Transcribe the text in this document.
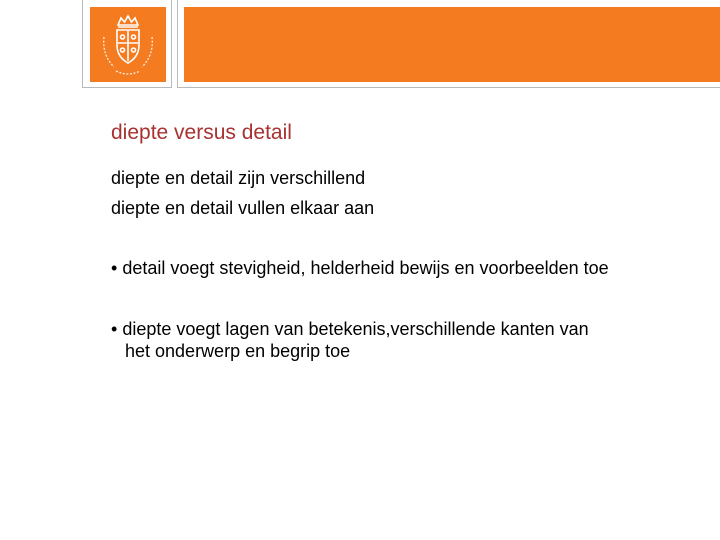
diepte versus detail
diepte en detail zijn verschillend
diepte en detail vullen elkaar aan
• detail voegt stevigheid, helderheid bewijs en voorbeelden toe
• diepte voegt lagen van betekenis,verschillende kanten van
het onderwerp en begrip toe
